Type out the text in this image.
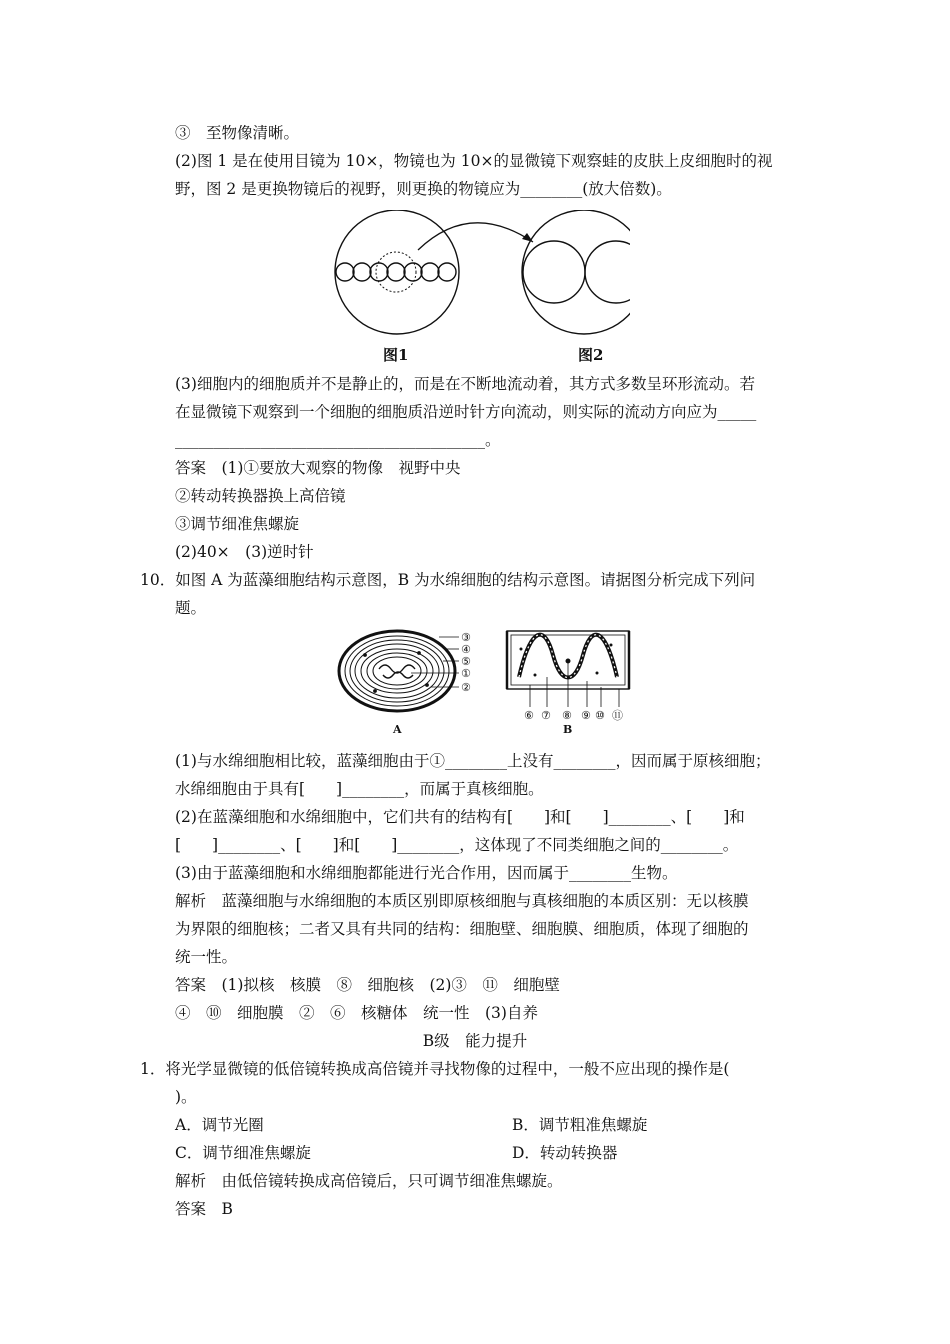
③　至物像清晰。
(2)图 1 是在使用目镜为 10×，物镜也为 10×的显微镜下观察蛙的皮肤上皮细胞时的视
野，图 2 是更换物镜后的视野，则更换的物镜应为________(放大倍数)。
图1	图2
(3)细胞内的细胞质并不是静止的，而是在不断地流动着，其方式多数呈环形流动。若
在显微镜下观察到一个细胞的细胞质沿逆时针方向流动，则实际的流动方向应为_____
________________________________________。
答案　(1)①要放大观察的物像　视野中央
②转动转换器换上高倍镜
③调节细准焦螺旋
(2)40×　(3)逆时针
10．如图 A 为蓝藻细胞结构示意图，B 为水绵细胞的结构示意图。请据图分析完成下列问
题。
③
④
⑤
①
②
A
⑥ ⑦ ⑧ ⑨ ⑩ ⑪
B
(1)与水绵细胞相比较，蓝藻细胞由于①________上没有________，因而属于原核细胞；
水绵细胞由于具有[　　]________，而属于真核细胞。
(2)在蓝藻细胞和水绵细胞中，它们共有的结构有[　　]和[　　]________、[　　]和
[　　]________、[　　]和[　　]________，这体现了不同类细胞之间的________。
(3)由于蓝藻细胞和水绵细胞都能进行光合作用，因而属于________生物。
解析　蓝藻细胞与水绵细胞的本质区别即原核细胞与真核细胞的本质区别：无以核膜
为界限的细胞核；二者又具有共同的结构：细胞壁、细胞膜、细胞质，体现了细胞的
统一性。
答案　(1)拟核　核膜　⑧　细胞核　(2)③　⑪　细胞壁
④　⑩　细胞膜　②　⑥　核糖体　统一性　(3)自养
B级　能力提升
1．将光学显微镜的低倍镜转换成高倍镜并寻找物像的过程中，一般不应出现的操作是(
)。
A．调节光圈	B．调节粗准焦螺旋
C．调节细准焦螺旋	D．转动转换器
解析　由低倍镜转换成高倍镜后，只可调节细准焦螺旋。
答案　B
